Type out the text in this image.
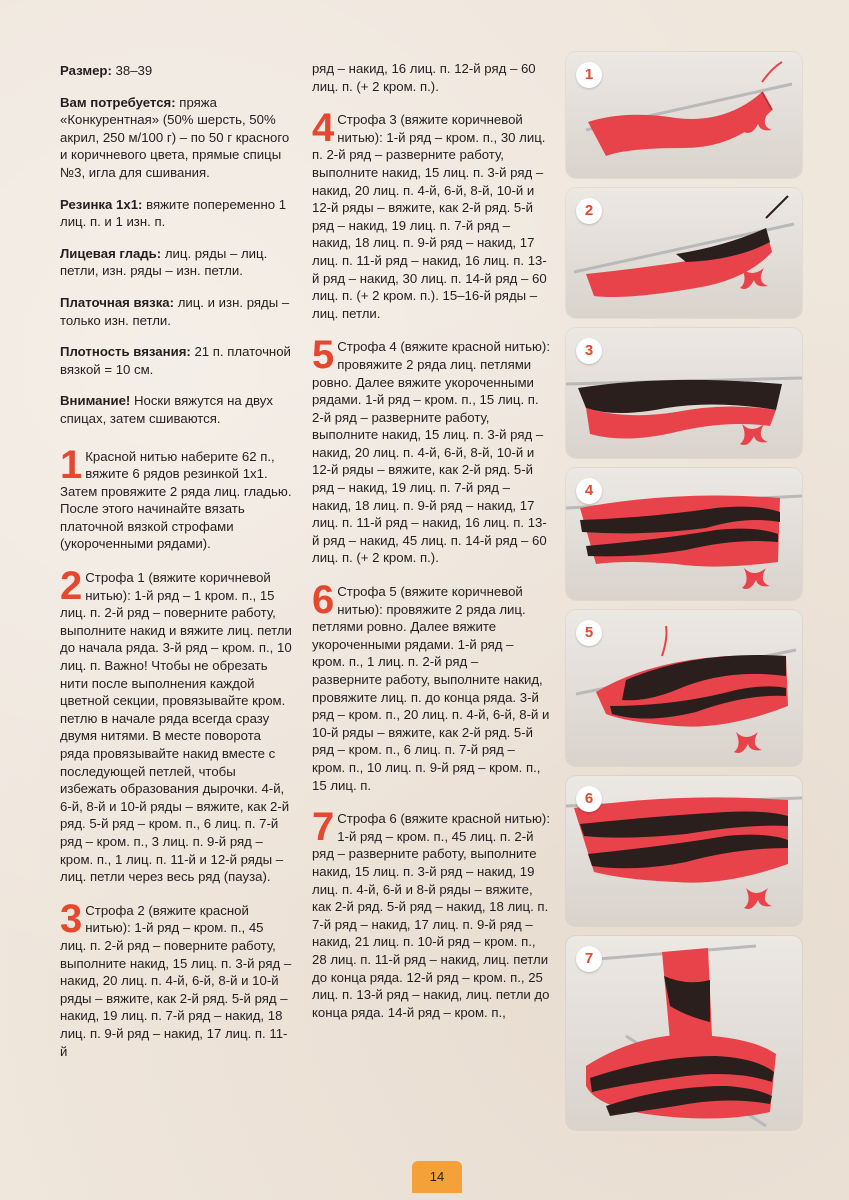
Размер: 38–39

Вам потребуется: пряжа «Конкурентная» (50% шерсть, 50% акрил, 250 м/100 г) – по 50 г красного и коричневого цвета, прямые спицы №3, игла для сшивания.

Резинка 1х1: вяжите попеременно 1 лиц. п. и 1 изн. п.

Лицевая гладь: лиц. ряды – лиц. петли, изн. ряды – изн. петли.

Платочная вязка: лиц. и изн. ряды – только изн. петли.

Плотность вязания: 21 п. платочной вязкой = 10 см.

Внимание! Носки вяжутся на двух спицах, затем сшиваются.

1 Красной нитью наберите 62 п., вяжите 6 рядов резинкой 1х1. Затем провяжите 2 ряда лиц. гладью. После этого начинайте вязать платочной вязкой строфами (укороченными рядами).
2 Строфа 1 (вяжите коричневой нитью): 1-й ряд – 1 кром. п., 15 лиц. п. 2-й ряд – поверните работу, выполните накид и вяжите лиц. петли до начала ряда. 3-й ряд – кром. п., 10 лиц. п. Важно! Чтобы не обрезать нити после выполнения каждой цветной секции, провязывайте кром. петлю в начале ряда всегда сразу двумя нитями. В месте поворота ряда провязывайте накид вместе с последующей петлей, чтобы избежать образования дырочки. 4-й, 6-й, 8-й и 10-й ряды – вяжите, как 2-й ряд. 5-й ряд – кром. п., 6 лиц. п. 7-й ряд – кром. п., 3 лиц. п. 9-й ряд – кром. п., 1 лиц. п. 11-й и 12-й ряды – лиц. петли через весь ряд (пауза).
3 Строфа 2 (вяжите красной нитью): 1-й ряд – кром. п., 45 лиц. п. 2-й ряд – поверните работу, выполните накид, 15 лиц. п. 3-й ряд – накид, 20 лиц. п. 4-й, 6-й, 8-й и 10-й ряды – вяжите, как 2-й ряд. 5-й ряд – накид, 19 лиц. п. 7-й ряд – накид, 18 лиц. п. 9-й ряд – накид, 17 лиц. п. 11-й
ряд – накид, 16 лиц. п. 12-й ряд – 60 лиц. п. (+ 2 кром. п.).
4 Строфа 3 (вяжите коричневой нитью): 1-й ряд – кром. п., 30 лиц. п. 2-й ряд – разверните работу, выполните накид, 15 лиц. п. 3-й ряд – накид, 20 лиц. п. 4-й, 6-й, 8-й, 10-й и 12-й ряды – вяжите, как 2-й ряд. 5-й ряд – накид, 19 лиц. п. 7-й ряд – накид, 18 лиц. п. 9-й ряд – накид, 17 лиц. п. 11-й ряд – накид, 16 лиц. п. 13-й ряд – накид, 30 лиц. п. 14-й ряд – 60 лиц. п. (+ 2 кром. п.). 15–16-й ряды – лиц. петли.
5 Строфа 4 (вяжите красной нитью): провяжите 2 ряда лиц. петлями ровно. Далее вяжите укороченными рядами. 1-й ряд – кром. п., 15 лиц. п. 2-й ряд – разверните работу, выполните накид, 15 лиц. п. 3-й ряд – накид, 20 лиц. п. 4-й, 6-й, 8-й, 10-й и 12-й ряды – вяжите, как 2-й ряд. 5-й ряд – накид, 19 лиц. п. 7-й ряд – накид, 18 лиц. п. 9-й ряд – накид, 17 лиц. п. 11-й ряд – накид, 16 лиц. п. 13-й ряд – накид, 45 лиц. п. 14-й ряд – 60 лиц. п. (+ 2 кром. п.).
6 Строфа 5 (вяжите коричневой нитью): провяжите 2 ряда лиц. петлями ровно. Далее вяжите укороченными рядами. 1-й ряд – кром. п., 1 лиц. п. 2-й ряд – разверните работу, выполните накид, провяжите лиц. п. до конца ряда. 3-й ряд – кром. п., 20 лиц. п. 4-й, 6-й, 8-й и 10-й ряды – вяжите, как 2-й ряд. 5-й ряд – кром. п., 6 лиц. п. 7-й ряд – кром. п., 10 лиц. п. 9-й ряд – кром. п., 15 лиц. п.
7 Строфа 6 (вяжите красной нитью): 1-й ряд – кром. п., 45 лиц. п. 2-й ряд – разверните работу, выполните накид, 15 лиц. п. 3-й ряд – накид, 19 лиц. п. 4-й, 6-й и 8-й ряды – вяжите, как 2-й ряд. 5-й ряд – накид, 18 лиц. п. 7-й ряд – накид, 17 лиц. п. 9-й ряд – накид, 21 лиц. п. 10-й ряд – кром. п., 28 лиц. п. 11-й ряд – накид, лиц. петли до конца ряда. 12-й ряд – кром. п., 25 лиц. п. 13-й ряд – накид, лиц. петли до конца ряда. 14-й ряд – кром. п.,
1
2
3
4
5
6
7
14
